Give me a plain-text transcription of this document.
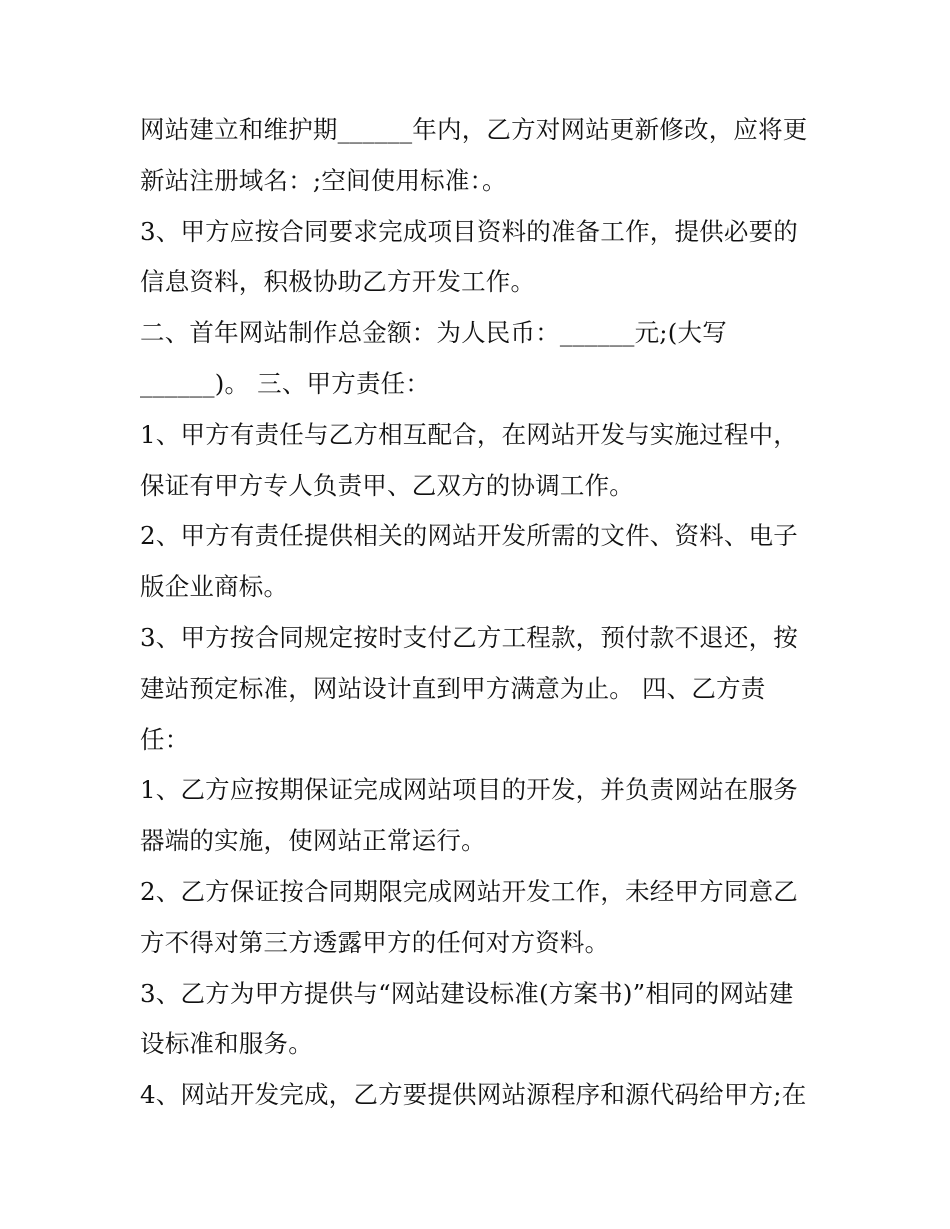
网站建立和维护期______年内，乙方对网站更新修改，应将更
新站注册域名：;空间使用标准：。
3、甲方应按合同要求完成项目资料的准备工作，提供必要的
信息资料，积极协助乙方开发工作。
二、首年网站制作总金额：为人民币：______元;(大写
______)。 三、甲方责任：
1、甲方有责任与乙方相互配合，在网站开发与实施过程中，
保证有甲方专人负责甲、乙双方的协调工作。
2、甲方有责任提供相关的网站开发所需的文件、资料、电子
版企业商标。
3、甲方按合同规定按时支付乙方工程款，预付款不退还，按
建站预定标准，网站设计直到甲方满意为止。 四、乙方责
任：
1、乙方应按期保证完成网站项目的开发，并负责网站在服务
器端的实施，使网站正常运行。
2、乙方保证按合同期限完成网站开发工作，未经甲方同意乙
方不得对第三方透露甲方的任何对方资料。
3、乙方为甲方提供与“网站建设标准(方案书)”相同的网站建
设标准和服务。
4、网站开发完成，乙方要提供网站源程序和源代码给甲方;在
